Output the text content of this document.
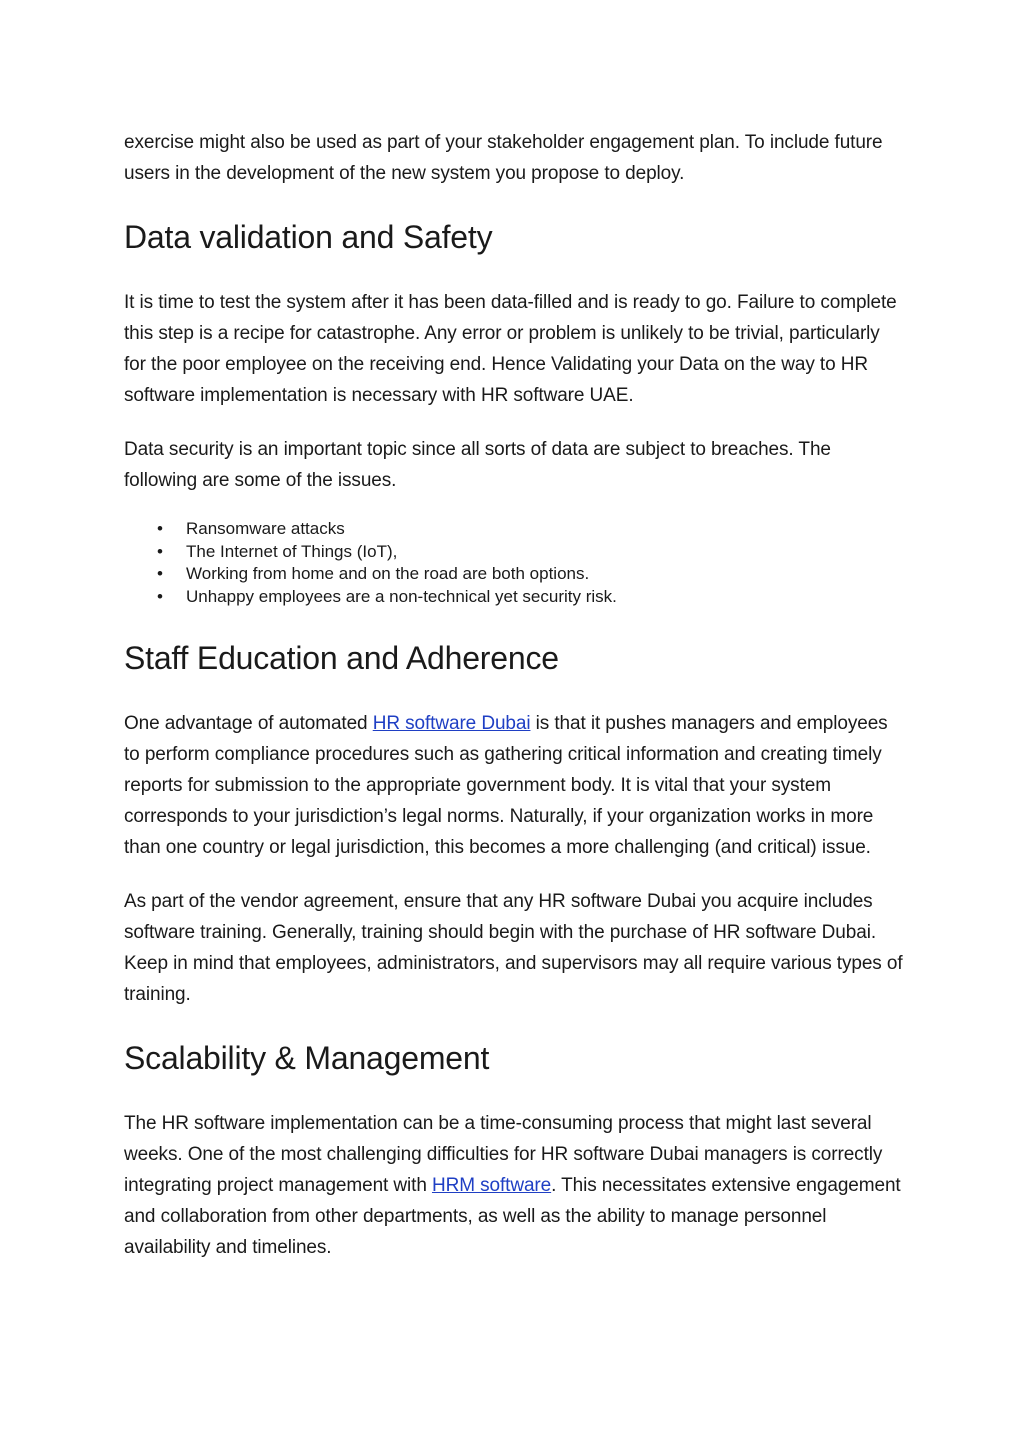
exercise might also be used as part of your stakeholder engagement plan. To include future users in the development of the new system you propose to deploy.

Data validation and Safety

It is time to test the system after it has been data-filled and is ready to go. Failure to complete this step is a recipe for catastrophe. Any error or problem is unlikely to be trivial, particularly for the poor employee on the receiving end. Hence Validating your Data on the way to HR software implementation is necessary with HR software UAE.

Data security is an important topic since all sorts of data are subject to breaches. The following are some of the issues.

• Ransomware attacks
• The Internet of Things (IoT),
• Working from home and on the road are both options.
• Unhappy employees are a non-technical yet security risk.
Staff Education and Adherence

One advantage of automated HR software Dubai is that it pushes managers and employees to perform compliance procedures such as gathering critical information and creating timely reports for submission to the appropriate government body. It is vital that your system corresponds to your jurisdiction’s legal norms. Naturally, if your organization works in more than one country or legal jurisdiction, this becomes a more challenging (and critical) issue.

As part of the vendor agreement, ensure that any HR software Dubai you acquire includes software training. Generally, training should begin with the purchase of HR software Dubai. Keep in mind that employees, administrators, and supervisors may all require various types of training.

Scalability & Management

The HR software implementation can be a time-consuming process that might last several weeks. One of the most challenging difficulties for HR software Dubai managers is correctly integrating project management with HRM software. This necessitates extensive engagement and collaboration from other departments, as well as the ability to manage personnel availability and timelines.
